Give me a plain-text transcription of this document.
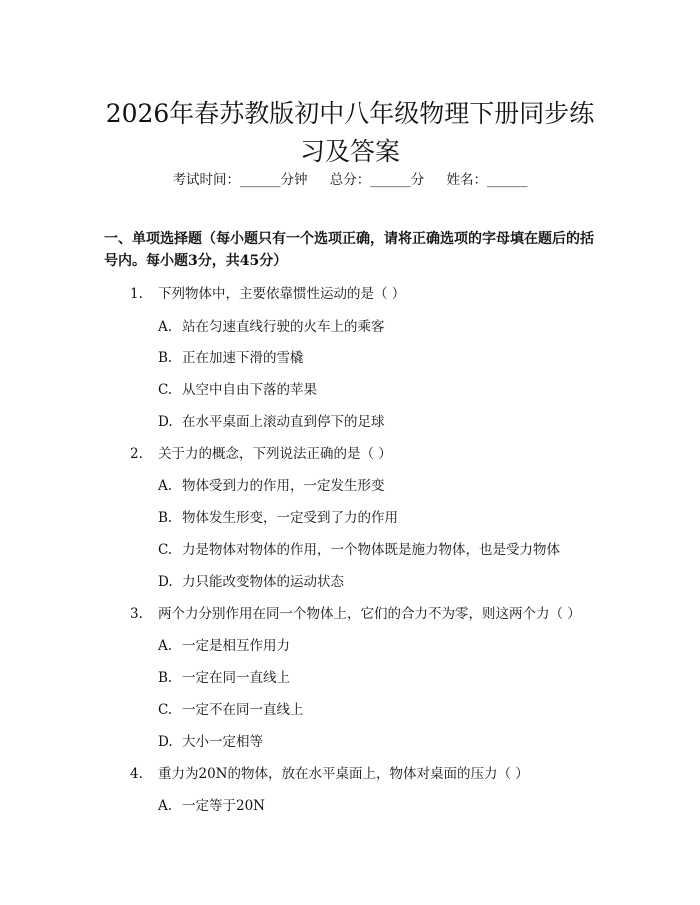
2026年春苏教版初中八年级物理下册同步练
习及答案
考试时间：______分钟 总分：______分 姓名：______
一、单项选择题（每小题只有一个选项正确，请将正确选项的字母填在题后的括号内。每小题3分，共45分）
1. 下列物体中，主要依靠惯性运动的是（ ）
A. 站在匀速直线行驶的火车上的乘客
B. 正在加速下滑的雪橇
C. 从空中自由下落的苹果
D. 在水平桌面上滚动直到停下的足球
2. 关于力的概念，下列说法正确的是（ ）
A. 物体受到力的作用，一定发生形变
B. 物体发生形变，一定受到了力的作用
C. 力是物体对物体的作用，一个物体既是施力物体，也是受力物体
D. 力只能改变物体的运动状态
3. 两个力分别作用在同一个物体上，它们的合力不为零，则这两个力（ ）
A. 一定是相互作用力
B. 一定在同一直线上
C. 一定不在同一直线上
D. 大小一定相等
4. 重力为20N的物体，放在水平桌面上，物体对桌面的压力（ ）
A. 一定等于20N
